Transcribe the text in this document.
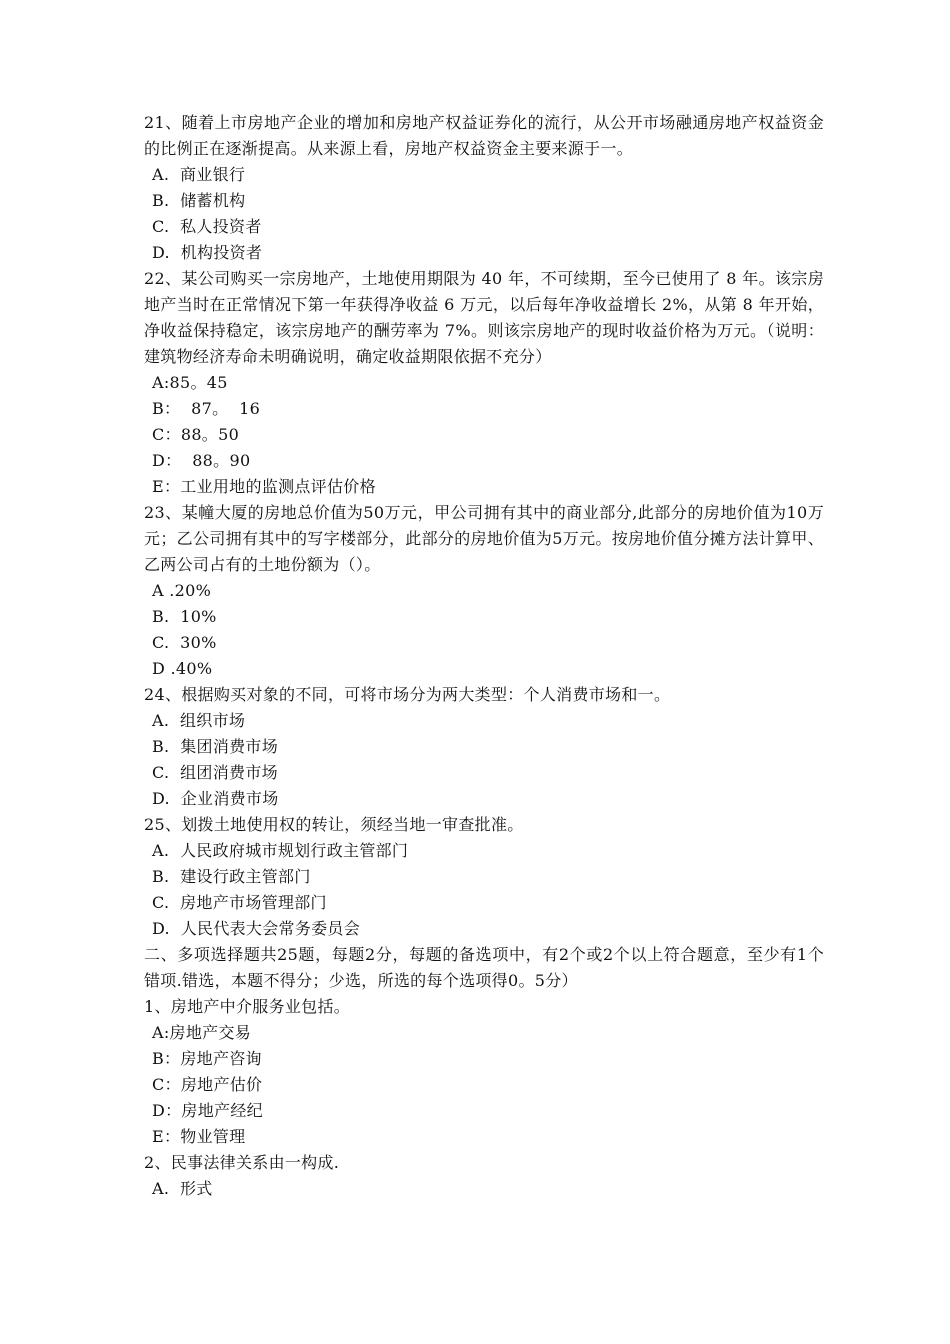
21、随着上市房地产企业的增加和房地产权益证券化的流行，从公开市场融通房地产权益资金的比例正在逐渐提高。从来源上看，房地产权益资金主要来源于一。

A.  商业银行

B.  储蓄机构

C.  私人投资者

D.  机构投资者

22、某公司购买一宗房地产，土地使用期限为 40 年，不可续期，至今已使用了 8 年。该宗房地产当时在正常情况下第一年获得净收益 6 万元，以后每年净收益增长 2%，从第 8 年开始，净收益保持稳定，该宗房地产的酬劳率为 7%。则该宗房地产的现时收益价格为万元。（说明：建筑物经济寿命未明确说明，确定收益期限依据不充分）

A:85。45

B：  87。  16

C：88。50

D：  88。90

E：工业用地的监测点评估价格

23、某幢大厦的房地总价值为50万元，甲公司拥有其中的商业部分,此部分的房地价值为10万元；乙公司拥有其中的写字楼部分，此部分的房地价值为5万元。按房地价值分摊方法计算甲、乙两公司占有的土地份额为（）。

A .20%

B.  10%

C.  30%

D .40%

24、根据购买对象的不同，可将市场分为两大类型：个人消费市场和一。

A.  组织市场

B.  集团消费市场

C.  组团消费市场

D.  企业消费市场

25、划拨土地使用权的转让，须经当地一审查批准。

A.  人民政府城市规划行政主管部门

B.  建设行政主管部门

C.  房地产市场管理部门

D.  人民代表大会常务委员会

二、多项选择题共25题，每题2分，每题的备选项中，有2个或2个以上符合题意，至少有1个错项.错选，本题不得分；少选，所选的每个选项得0。5分）

1、房地产中介服务业包括。

A:房地产交易

B：房地产咨询

C：房地产估价

D：房地产经纪

E：物业管理

2、民事法律关系由一构成.

A.  形式
